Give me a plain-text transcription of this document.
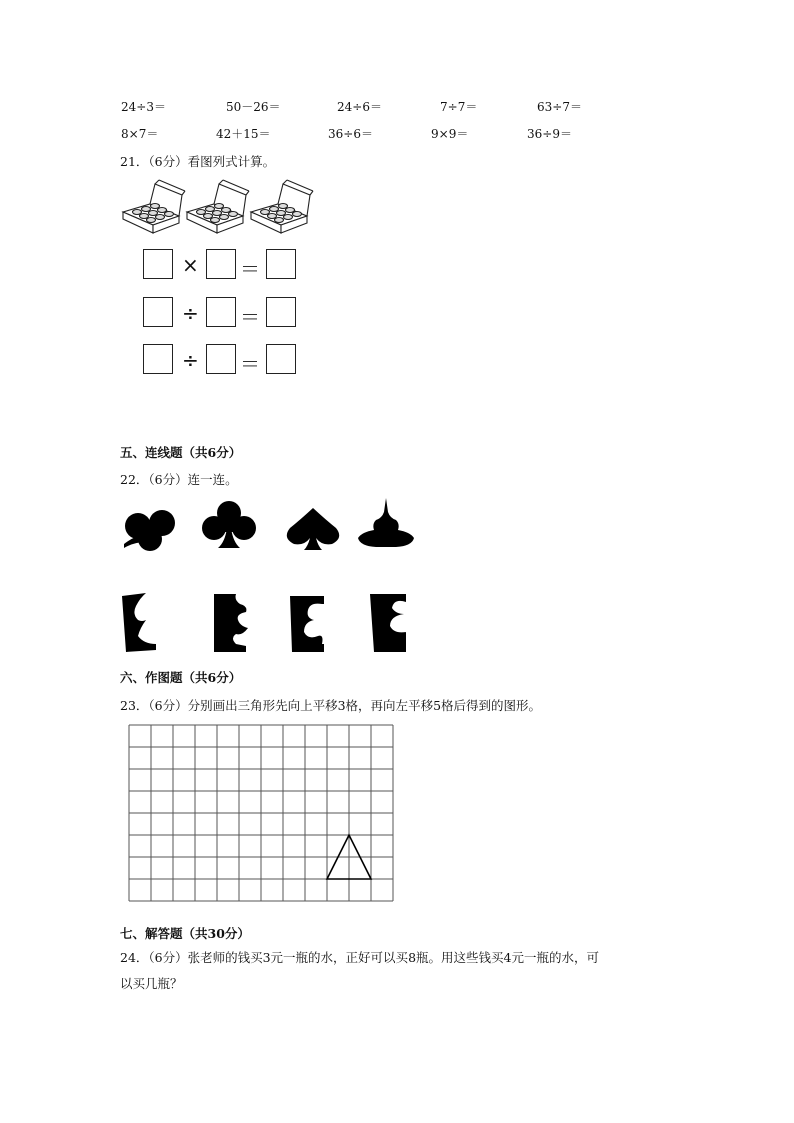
24÷3＝	50－26＝	24÷6＝	7÷7＝	63÷7＝
8×7＝	42＋15＝	36÷6＝	9×9＝	36÷9＝
21．（6分）看图列式计算。
× ＝
÷ ＝
÷ ＝
五、连线题（共6分）
22．（6分）连一连。
六、作图题（共6分）
23．（6分）分别画出三角形先向上平移3格，再向左平移5格后得到的图形。
七、解答题（共30分）
24．（6分）张老师的钱买3元一瓶的水，正好可以买8瓶。用这些钱买4元一瓶的水，可
以买几瓶？
